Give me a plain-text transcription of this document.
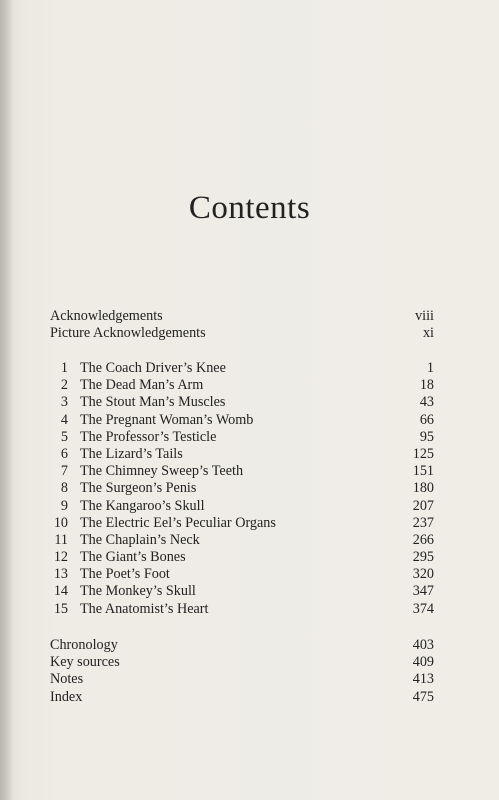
Contents
Acknowledgements	viii
Picture Acknowledgements	xi
1 The Coach Driver’s Knee	1
2 The Dead Man’s Arm	18
3 The Stout Man’s Muscles	43
4 The Pregnant Woman’s Womb	66
5 The Professor’s Testicle	95
6 The Lizard’s Tails	125
7 The Chimney Sweep’s Teeth	151
8 The Surgeon’s Penis	180
9 The Kangaroo’s Skull	207
10 The Electric Eel’s Peculiar Organs	237
11 The Chaplain’s Neck	266
12 The Giant’s Bones	295
13 The Poet’s Foot	320
14 The Monkey’s Skull	347
15 The Anatomist’s Heart	374
Chronology	403
Key sources	409
Notes	413
Index	475
